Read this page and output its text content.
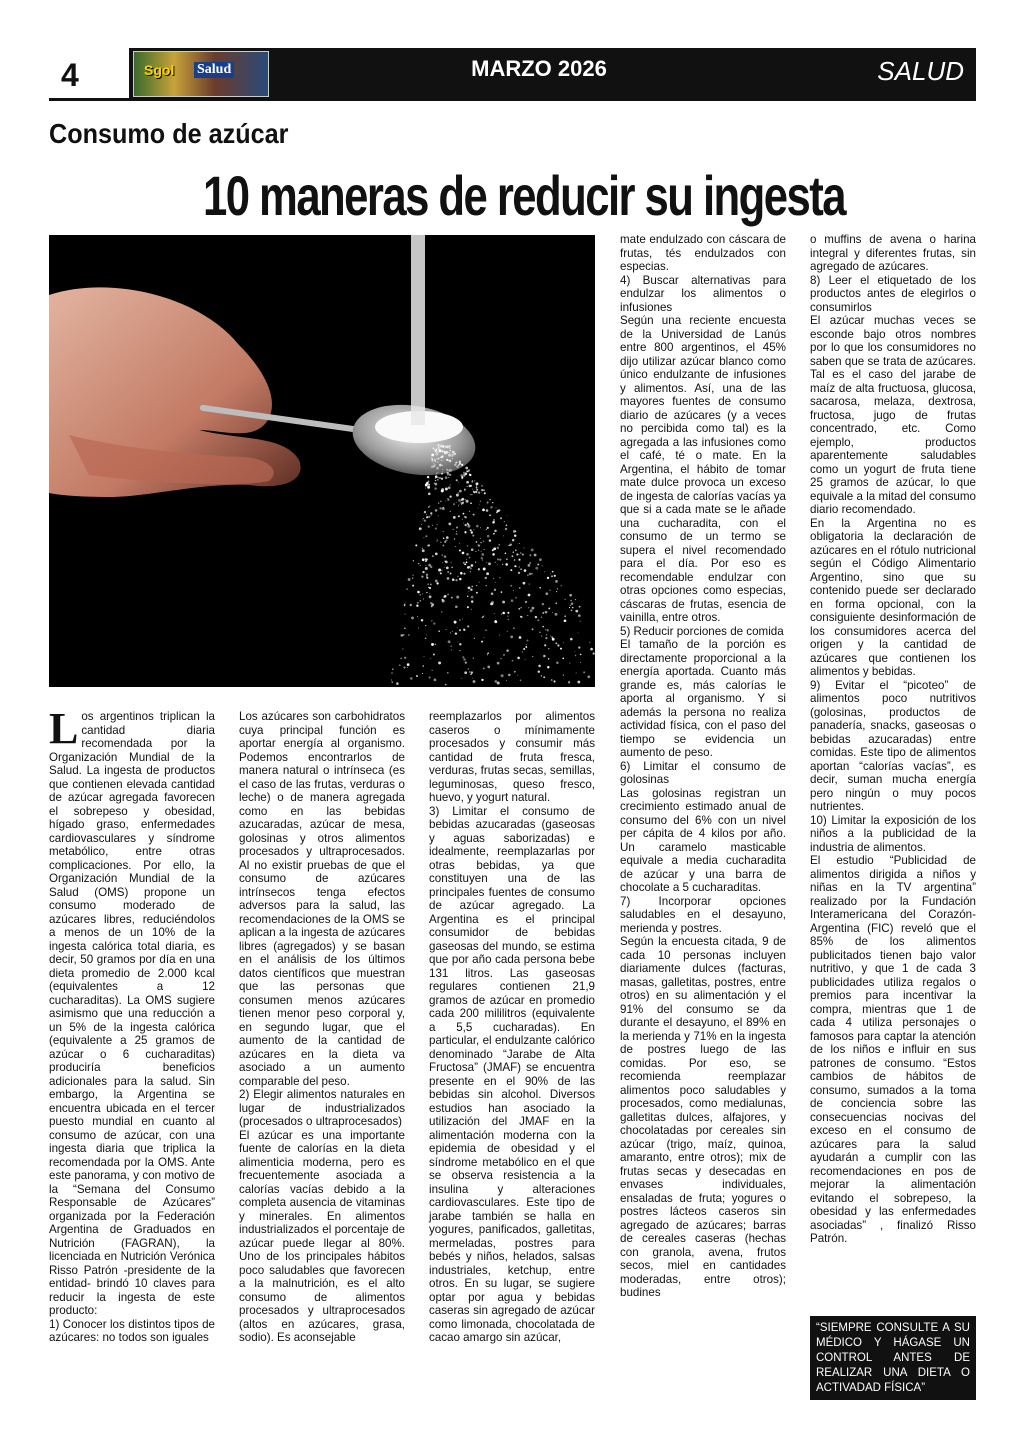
4	Sgol Salud	MARZO 2026	SALUD
Consumo de azúcar
10 maneras de reducir su ingesta
L os argentinos triplican la cantidad diaria recomendada por la Organización Mundial de la Salud. La ingesta de productos que contienen elevada cantidad de azúcar agregada favorecen el sobrepeso y obesidad, hígado graso, enfermedades cardiovasculares y síndrome metabólico, entre otras complicaciones. Por ello, la Organización Mundial de la Salud (OMS) propone un consumo moderado de azúcares libres, reduciéndolos a menos de un 10% de la ingesta calórica total diaria, es decir, 50 gramos por día en una dieta promedio de 2.000 kcal (equivalentes a 12 cucharaditas). La OMS sugiere asimismo que una reducción a un 5% de la ingesta calórica (equivalente a 25 gramos de azúcar o 6 cucharaditas) produciría beneficios adicionales para la salud. Sin embargo, la Argentina se encuentra ubicada en el tercer puesto mundial en cuanto al consumo de azúcar, con una ingesta diaria que triplica la recomendada por la OMS. Ante este panorama, y con motivo de la “Semana del Consumo Responsable de Azúcares” organizada por la Federación Argentina de Graduados en Nutrición (FAGRAN), la licenciada en Nutrición Verónica Risso Patrón -presidente de la entidad- brindó 10 claves para reducir la ingesta de este producto:

1) Conocer los distintos tipos de azúcares: no todos son iguales

Los azúcares son carbohidratos cuya principal función es aportar energía al organismo. Podemos encontrarlos de manera natural o intrínseca (es el caso de las frutas, verduras o leche) o de manera agregada como en las bebidas azucaradas, azúcar de mesa, golosinas y otros alimentos procesados y ultraprocesados. Al no existir pruebas de que el consumo de azúcares intrínsecos tenga efectos adversos para la salud, las recomendaciones de la OMS se aplican a la ingesta de azúcares libres (agregados) y se basan en el análisis de los últimos datos científicos que muestran que las personas que consumen menos azúcares tienen menor peso corporal y, en segundo lugar, que el aumento de la cantidad de azúcares en la dieta va asociado a un aumento comparable del peso.

2) Elegir alimentos naturales en lugar de industrializados (procesados o ultraprocesados)

El azúcar es una importante fuente de calorías en la dieta alimenticia moderna, pero es frecuentemente asociada a calorías vacías debido a la completa ausencia de vitaminas y minerales. En alimentos industrializados el porcentaje de azúcar puede llegar al 80%. Uno de los principales hábitos poco saludables que favorecen a la malnutrición, es el alto consumo de alimentos procesados y ultraprocesados (altos en azúcares, grasa, sodio). Es aconsejable

reemplazarlos por alimentos caseros o mínimamente procesados y consumir más cantidad de fruta fresca, verduras, frutas secas, semillas, leguminosas, queso fresco, huevo, y yogurt natural.

3) Limitar el consumo de bebidas azucaradas (gaseosas y aguas saborizadas) e idealmente, reemplazarlas por otras bebidas, ya que constituyen una de las principales fuentes de consumo de azúcar agregado. La Argentina es el principal consumidor de bebidas gaseosas del mundo, se estima que por año cada persona bebe 131 litros. Las gaseosas regulares contienen 21,9 gramos de azúcar en promedio cada 200 mililitros (equivalente a 5,5 cucharadas). En particular, el endulzante calórico denominado “Jarabe de Alta Fructosa” (JMAF) se encuentra presente en el 90% de las bebidas sin alcohol. Diversos estudios han asociado la utilización del JMAF en la alimentación moderna con la epidemia de obesidad y el síndrome metabólico en el que se observa resistencia a la insulina y alteraciones cardiovasculares. Este tipo de jarabe también se halla en yogures, panificados, galletitas, mermeladas, postres para bebés y niños, helados, salsas industriales, ketchup, entre otros. En su lugar, se sugiere optar por agua y bebidas caseras sin agregado de azúcar como limonada, chocolatada de cacao amargo sin azúcar,

mate endulzado con cáscara de frutas, tés endulzados con especias.

4) Buscar alternativas para endulzar los alimentos o infusiones

Según una reciente encuesta de la Universidad de Lanús entre 800 argentinos, el 45% dijo utilizar azúcar blanco como único endulzante de infusiones y alimentos. Así, una de las mayores fuentes de consumo diario de azúcares (y a veces no percibida como tal) es la agregada a las infusiones como el café, té o mate. En la Argentina, el hábito de tomar mate dulce provoca un exceso de ingesta de calorías vacías ya que si a cada mate se le añade una cucharadita, con el consumo de un termo se supera el nivel recomendado para el día. Por eso es recomendable endulzar con otras opciones como especias, cáscaras de frutas, esencia de vainilla, entre otros.

5) Reducir porciones de comida

El tamaño de la porción es directamente proporcional a la energía aportada. Cuanto más grande es, más calorías le aporta al organismo. Y si además la persona no realiza actividad física, con el paso del tiempo se evidencia un aumento de peso.

6) Limitar el consumo de golosinas

Las golosinas registran un crecimiento estimado anual de consumo del 6% con un nivel per cápita de 4 kilos por año. Un caramelo masticable equivale a media cucharadita de azúcar y una barra de chocolate a 5 cucharaditas.

7) Incorporar opciones saludables en el desayuno, merienda y postres.

Según la encuesta citada, 9 de cada 10 personas incluyen diariamente dulces (facturas, masas, galletitas, postres, entre otros) en su alimentación y el 91% del consumo se da durante el desayuno, el 89% en la merienda y 71% en la ingesta de postres luego de las comidas. Por eso, se recomienda reemplazar alimentos poco saludables y procesados, como medialunas, galletitas dulces, alfajores, y chocolatadas por cereales sin azúcar (trigo, maíz, quinoa, amaranto, entre otros); mix de frutas secas y desecadas en envases individuales, ensaladas de fruta; yogures o postres lácteos caseros sin agregado de azúcares; barras de cereales caseras (hechas con granola, avena, frutos secos, miel en cantidades moderadas, entre otros); budines

o muffins de avena o harina integral y diferentes frutas, sin agregado de azúcares.

8) Leer el etiquetado de los productos antes de elegirlos o consumirlos

El azúcar muchas veces se esconde bajo otros nombres por lo que los consumidores no saben que se trata de azúcares. Tal es el caso del jarabe de maíz de alta fructuosa, glucosa, sacarosa, melaza, dextrosa, fructosa, jugo de frutas concentrado, etc. Como ejemplo, productos aparentemente saludables como un yogurt de fruta tiene 25 gramos de azúcar, lo que equivale a la mitad del consumo diario recomendado.

En la Argentina no es obligatoria la declaración de azúcares en el rótulo nutricional según el Código Alimentario Argentino, sino que su contenido puede ser declarado en forma opcional, con la consiguiente desinformación de los consumidores acerca del origen y la cantidad de azúcares que contienen los alimentos y bebidas.

9) Evitar el “picoteo” de alimentos poco nutritivos (golosinas, productos de panadería, snacks, gaseosas o bebidas azucaradas) entre comidas. Este tipo de alimentos aportan “calorías vacías”, es decir, suman mucha energía pero ningún o muy pocos nutrientes.

10) Limitar la exposición de los niños a la publicidad de la industria de alimentos.

El estudio “Publicidad de alimentos dirigida a niños y niñas en la TV argentina” realizado por la Fundación Interamericana del Corazón-Argentina (FIC) reveló que el 85% de los alimentos publicitados tienen bajo valor nutritivo, y que 1 de cada 3 publicidades utiliza regalos o premios para incentivar la compra, mientras que 1 de cada 4 utiliza personajes o famosos para captar la atención de los niños e influir en sus patrones de consumo. “Estos cambios de hábitos de consumo, sumados a la toma de conciencia sobre las consecuencias nocivas del exceso en el consumo de azúcares para la salud ayudarán a cumplir con las recomendaciones en pos de mejorar la alimentación evitando el sobrepeso, la obesidad y las enfermedades asociadas” , finalizó Risso Patrón.

“SIEMPRE CONSULTE A SU MÉDICO Y HÁGASE UN CONTROL ANTES DE REALIZAR UNA DIETA O ACTIVADAD FÍSICA”
